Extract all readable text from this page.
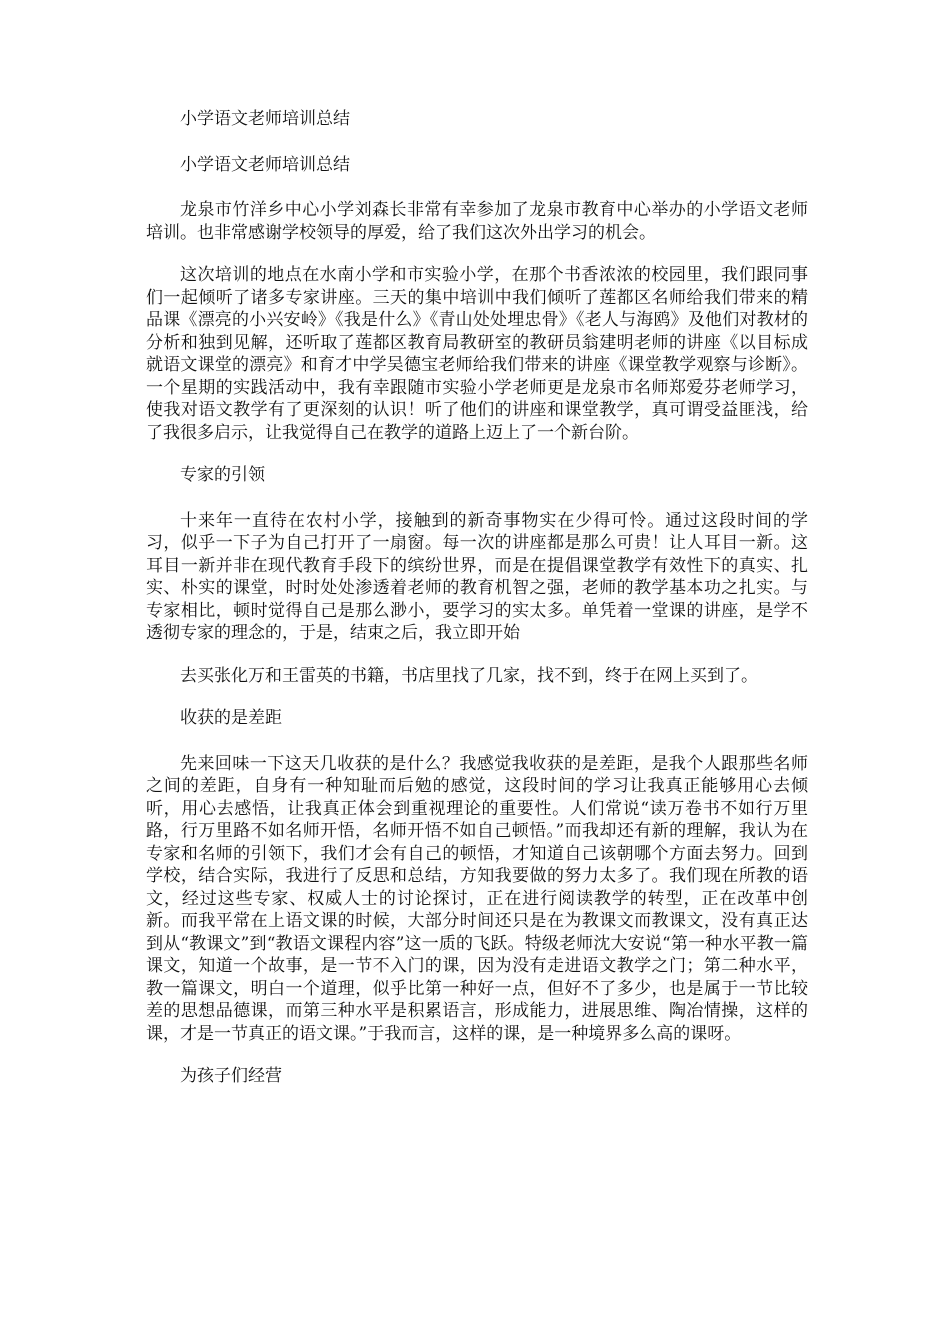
小学语文老师培训总结

小学语文老师培训总结

龙泉市竹洋乡中心小学刘森长非常有幸参加了龙泉市教育中心举办的小学语文老师培训。也非常感谢学校领导的厚爱，给了我们这次外出学习的机会。

这次培训的地点在水南小学和市实验小学，在那个书香浓浓的校园里，我们跟同事们一起倾听了诸多专家讲座。三天的集中培训中我们倾听了莲都区名师给我们带来的精品课《漂亮的小兴安岭》《我是什么》《青山处处埋忠骨》《老人与海鸥》及他们对教材的分析和独到见解，还听取了莲都区教育局教研室的教研员翁建明老师的讲座《以目标成就语文课堂的漂亮》和育才中学吴德宝老师给我们带来的讲座《课堂教学观察与诊断》。一个星期的实践活动中，我有幸跟随市实验小学老师更是龙泉市名师郑爱芬老师学习，使我对语文教学有了更深刻的认识！听了他们的讲座和课堂教学，真可谓受益匪浅，给了我很多启示，让我觉得自己在教学的道路上迈上了一个新台阶。

专家的引领

十来年一直待在农村小学，接触到的新奇事物实在少得可怜。通过这段时间的学习，似乎一下子为自己打开了一扇窗。每一次的讲座都是那么可贵！让人耳目一新。这耳目一新并非在现代教育手段下的缤纷世界，而是在提倡课堂教学有效性下的真实、扎实、朴实的课堂，时时处处渗透着老师的教育机智之强，老师的教学基本功之扎实。与专家相比，顿时觉得自己是那么渺小，要学习的实太多。单凭着一堂课的讲座，是学不透彻专家的理念的，于是，结束之后，我立即开始

去买张化万和王雷英的书籍，书店里找了几家，找不到，终于在网上买到了。

收获的是差距

先来回味一下这天几收获的是什么？我感觉我收获的是差距，是我个人跟那些名师之间的差距，自身有一种知耻而后勉的感觉，这段时间的学习让我真正能够用心去倾听，用心去感悟，让我真正体会到重视理论的重要性。人们常说“读万卷书不如行万里路，行万里路不如名师开悟，名师开悟不如自己顿悟。”而我却还有新的理解，我认为在专家和名师的引领下，我们才会有自己的顿悟，才知道自己该朝哪个方面去努力。回到学校，结合实际，我进行了反思和总结，方知我要做的努力太多了。我们现在所教的语文，经过这些专家、权威人士的讨论探讨，正在进行阅读教学的转型，正在改革中创新。而我平常在上语文课的时候，大部分时间还只是在为教课文而教课文，没有真正达到从“教课文”到“教语文课程内容”这一质的飞跃。特级老师沈大安说“第一种水平教一篇课文，知道一个故事，是一节不入门的课，因为没有走进语文教学之门；第二种水平，教一篇课文，明白一个道理，似乎比第一种好一点，但好不了多少，也是属于一节比较差的思想品德课，而第三种水平是积累语言，形成能力，进展思维、陶冶情操，这样的课，才是一节真正的语文课。”于我而言，这样的课，是一种境界多么高的课呀。

为孩子们经营
